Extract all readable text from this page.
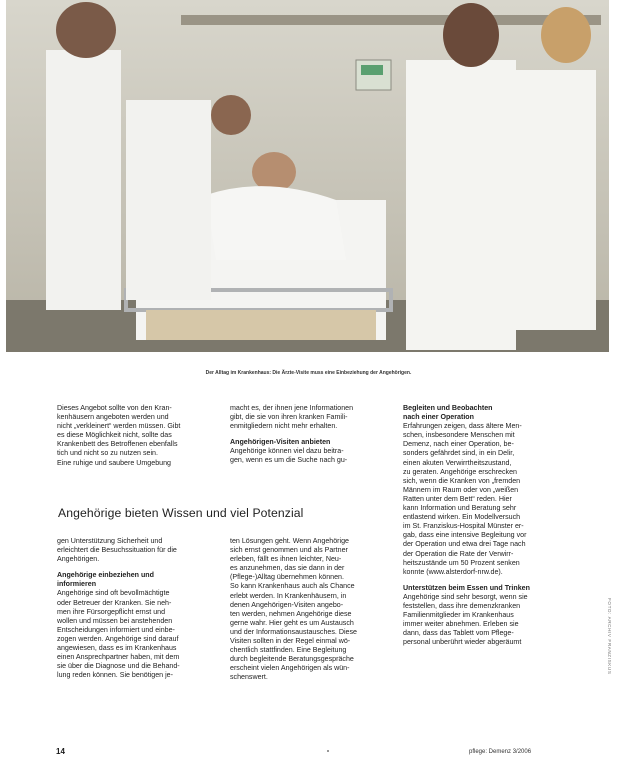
Der Alltag im Krankenhaus: Die Ärzte-Visite muss eine Einbeziehung der Angehörigen.

Dieses Angebot sollte von den Kran-

kenhäusern angeboten werden und

nicht „verkleinert“ werden müssen. Gibt

es diese Möglichkeit nicht, sollte das

Krankenbett des Betroffenen ebenfalls

tich und nicht so zu nutzen sein.

Eine ruhige und saubere Umgebung

macht es, der ihnen jene Informationen

gibt, die sie von ihren kranken Famili-

enmitgliedern nicht mehr erhalten.

Angehörigen-Visiten anbieten

Angehörige können viel dazu beitra-

gen, wenn es um die Suche nach gu-

Begleiten und Beobachten

nach einer Operation

Erfahrungen zeigen, dass ältere Men-

schen, insbesondere Menschen mit

Demenz, nach einer Operation, be-

sonders gefährdet sind, in ein Delir,

einen akuten Verwirrtheitszustand,

zu geraten. Angehörige erschrecken

sich, wenn die Kranken von „fremden

Männern im Raum oder von „weißen

Ratten unter dem Bett“ reden. Hier

kann Information und Beratung sehr

entlastend wirken. Ein Modellversuch

im St. Franziskus-Hospital Münster er-

gab, dass eine intensive Begleitung vor

der Operation und etwa drei Tage nach

der Operation die Rate der Verwirr-

heitszustände um 50 Prozent senken

konnte (www.alsterdorf-nrw.de).

Unterstützen beim Essen und Trinken

Angehörige sind sehr besorgt, wenn sie

feststellen, dass ihre demenzkranken

Familienmitglieder im Krankenhaus

immer weiter abnehmen. Erleben sie

dann, dass das Tablett vom Pflege-

personal unberührt wieder abgeräumt

Angehörige bieten Wissen und viel Potenzial

gen Unterstützung Sicherheit und

erleichtert die Besuchssituation für die

Angehörigen.

Angehörige einbeziehen und

informieren

Angehörige sind oft bevollmächtigte

oder Betreuer der Kranken. Sie neh-

men ihre Fürsorgepflicht ernst und

wollen und müssen bei anstehenden

Entscheidungen informiert und einbe-

zogen werden. Angehörige sind darauf

angewiesen, dass es im Krankenhaus

einen Ansprechpartner haben, mit dem

sie über die Diagnose und die Behand-

lung reden können. Sie benötigen je-

ten Lösungen geht. Wenn Angehörige

sich ernst genommen und als Partner

erleben, fällt es ihnen leichter, Neu-

es anzunehmen, das sie dann in der

(Pflege-)Alltag übernehmen können.

So kann Krankenhaus auch als Chance

erlebt werden. In Krankenhäusern, in

denen Angehörigen-Visiten angebo-

ten werden, nehmen Angehörige diese

gerne wahr. Hier geht es um Austausch

und der Informationsaustausches. Diese

Visiten sollten in der Regel einmal wö-

chentlich stattfinden. Eine Begleitung

durch begleitende Beratungsgespräche

erscheint vielen Angehörigen als wün-

schenswert.

FOTO: ARCHIV FRANZISKUS
14	pflege: Demenz 3/2006
